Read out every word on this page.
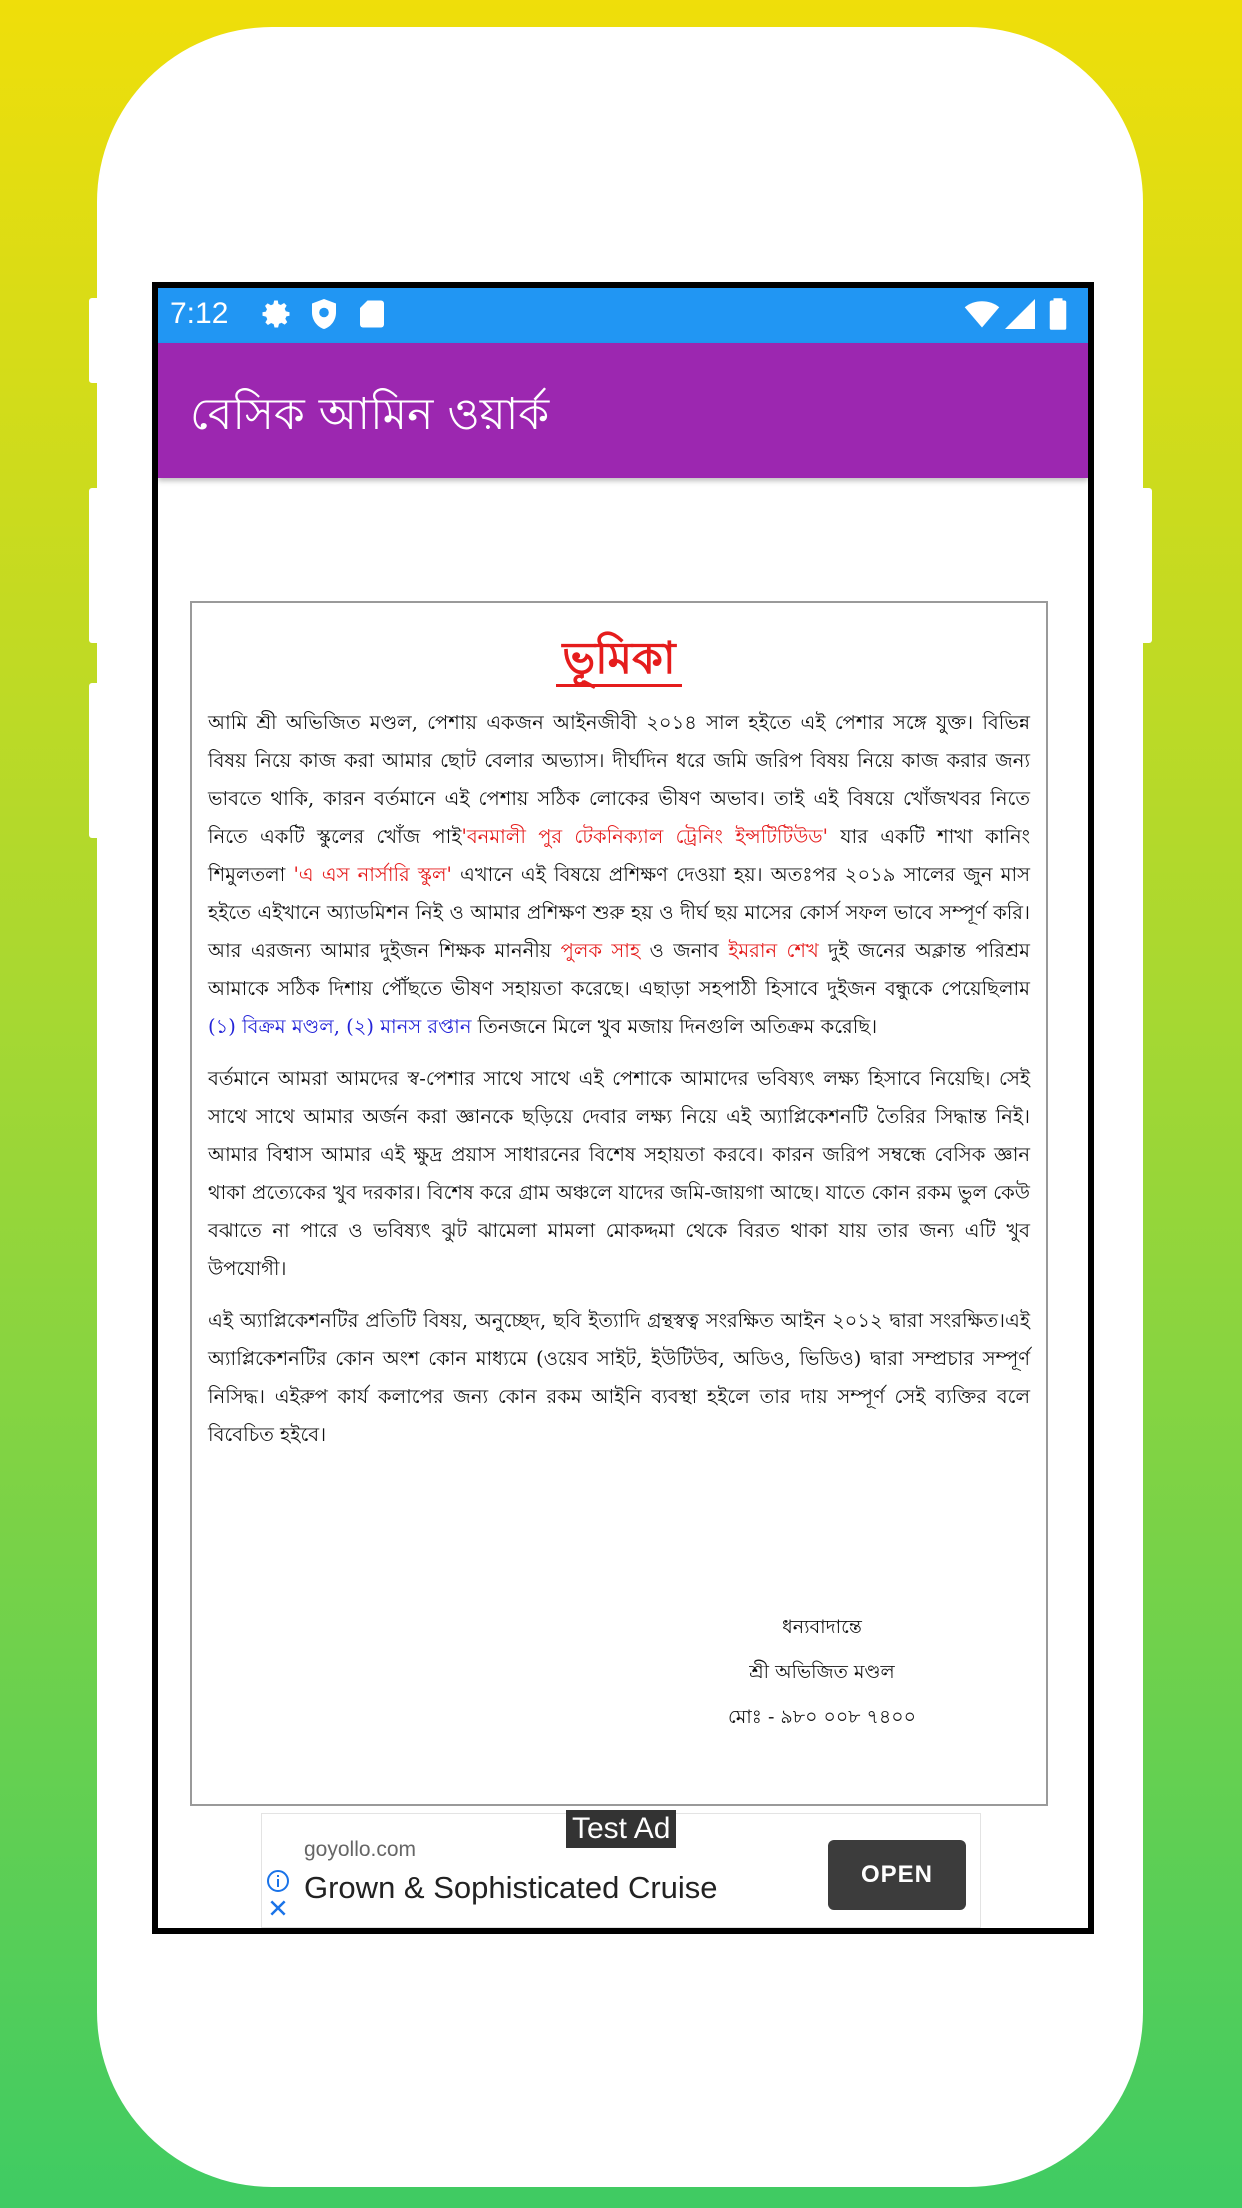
7:12
বেসিক আমিন ওয়ার্ক
ভূমিকা

আমি শ্রী অভিজিত মণ্ডল, পেশায় একজন আইনজীবী ২০১৪ সাল হইতে এই পেশার সঙ্গে যুক্ত। বিভিন্ন বিষয় নিয়ে কাজ করা আমার ছোট বেলার অভ্যাস। দীর্ঘদিন ধরে জমি জরিপ বিষয় নিয়ে কাজ করার জন্য ভাবতে থাকি, কারন বর্তমানে এই পেশায় সঠিক লোকের ভীষণ অভাব। তাই এই বিষয়ে খোঁজখবর নিতে নিতে একটি স্কুলের খোঁজ পাই'বনমালী পুর টেকনিক্যাল ট্রেনিং ইন্সটিটিউড' যার একটি শাখা কানিং শিমুলতলা 'এ এস নার্সারি স্কুল' এখানে এই বিষয়ে প্রশিক্ষণ দেওয়া হয়। অতঃপর ২০১৯ সালের জুন মাস হইতে এইখানে অ্যাডমিশন নিই ও আমার প্রশিক্ষণ শুরু হয় ও দীর্ঘ ছয় মাসের কোর্স সফল ভাবে সম্পূর্ণ করি। আর এরজন্য আমার দুইজন শিক্ষক মাননীয় পুলক সাহ ও জনাব ইমরান শেখ দুই জনের অক্লান্ত পরিশ্রম আমাকে সঠিক দিশায় পৌঁছতে ভীষণ সহায়তা করেছে। এছাড়া সহপাঠী হিসাবে দুইজন বন্ধুকে পেয়েছিলাম (১) বিক্রম মণ্ডল, (২) মানস রপ্তান তিনজনে মিলে খুব মজায় দিনগুলি অতিক্রম করেছি।

বর্তমানে আমরা আমদের স্ব-পেশার সাথে সাথে এই পেশাকে আমাদের ভবিষ্যৎ লক্ষ্য হিসাবে নিয়েছি। সেই সাথে সাথে আমার অর্জন করা জ্ঞানকে ছড়িয়ে দেবার লক্ষ্য নিয়ে এই অ্যাপ্লিকেশনটি তৈরির সিদ্ধান্ত নিই। আমার বিশ্বাস আমার এই ক্ষুদ্র প্রয়াস সাধারনের বিশেষ সহায়তা করবে। কারন জরিপ সম্বন্ধে বেসিক জ্ঞান থাকা প্রত্যেকের খুব দরকার। বিশেষ করে গ্রাম অঞ্চলে যাদের জমি-জায়গা আছে। যাতে কোন রকম ভুল কেউ বঝাতে না পারে ও ভবিষ্যৎ ঝুট ঝামেলা মামলা মোকদ্দমা থেকে বিরত থাকা যায় তার জন্য এটি খুব উপযোগী।

এই অ্যাপ্লিকেশনটির প্রতিটি বিষয়, অনুচ্ছেদ, ছবি ইত্যাদি গ্রন্থস্বত্ব সংরক্ষিত আইন ২০১২ দ্বারা সংরক্ষিত।এই অ্যাপ্লিকেশনটির কোন অংশ কোন মাধ্যমে (ওয়েব সাইট, ইউটিউব, অডিও, ভিডিও) দ্বারা সম্প্রচার সম্পূর্ণ নিসিদ্ধ। এইরুপ কার্য কলাপের জন্য কোন রকম আইনি ব্যবস্থা হইলে তার দায় সম্পূর্ণ সেই ব্যক্তির বলে বিবেচিত হইবে।

ধন্যবাদান্তে
শ্রী অভিজিত মণ্ডল
মোঃ - ৯৮০ ০০৮ ৭৪০০
goyollo.com
Grown & Sophisticated Cruise	OPEN
Test Ad
